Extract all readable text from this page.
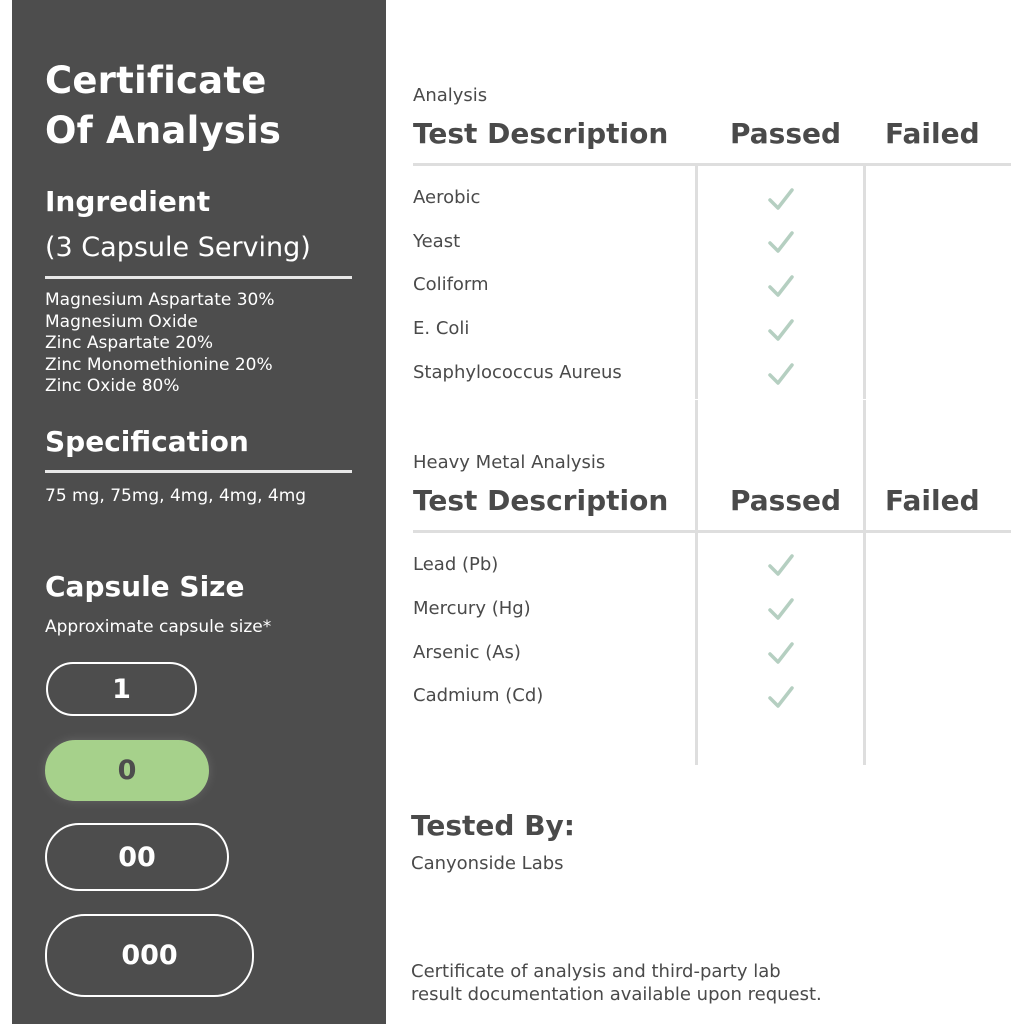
Certificate
Of Analysis
Ingredient
(3 Capsule Serving)
Magnesium Aspartate 30%
Magnesium Oxide
Zinc Aspartate 20%
Zinc Monomethionine 20%
Zinc Oxide 80%
Specification
75 mg, 75mg, 4mg, 4mg, 4mg
Capsule Size
Approximate capsule size*
1
0
00
000
Analysis
Test Description Passed Failed
Aerobic
Yeast
Coliform
E. Coli
Staphylococcus Aureus
Heavy Metal Analysis
Test Description Passed Failed
Lead (Pb)
Mercury (Hg)
Arsenic (As)
Cadmium (Cd)
Tested By:
Canyonside Labs

Certificate of analysis and third-party lab
result documentation available upon request.
